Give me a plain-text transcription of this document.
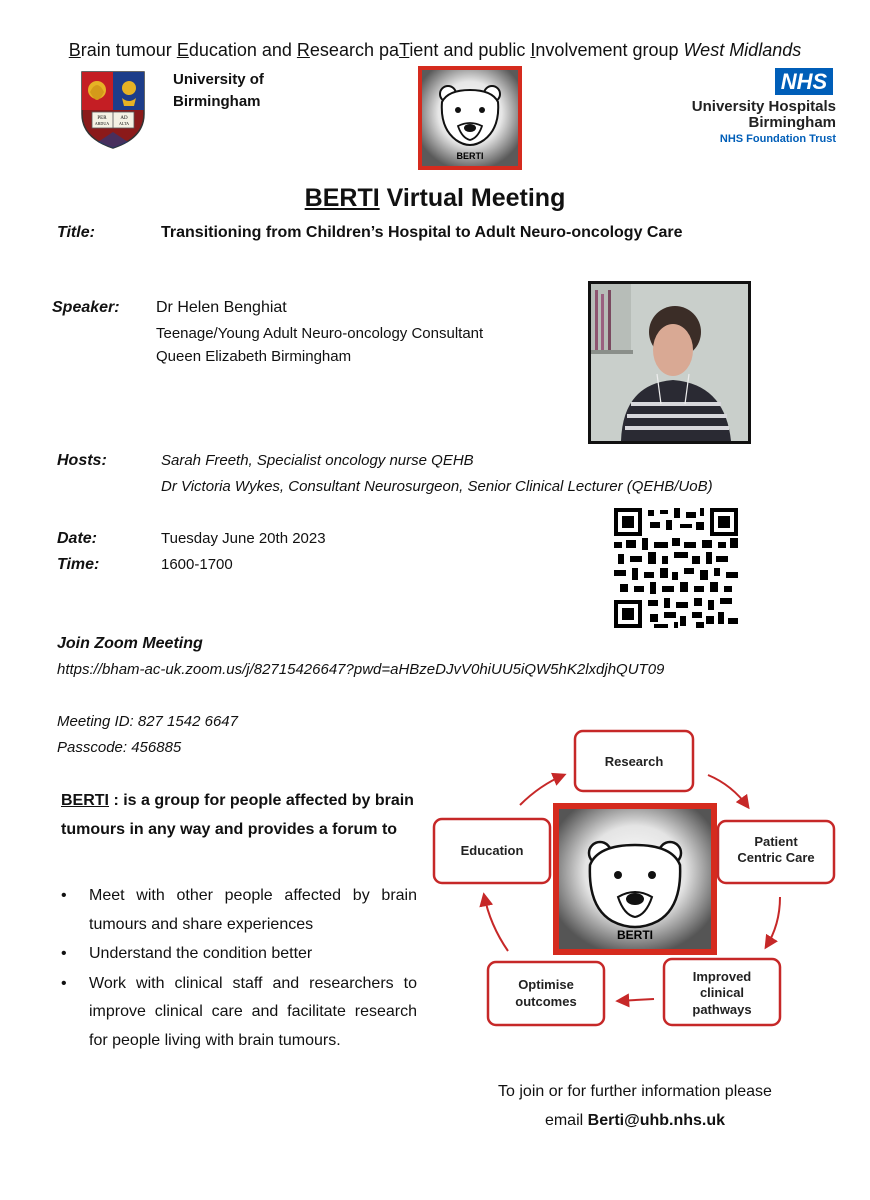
Brain tumour Education and Research paTient and public Involvement group West Midlands
PER	AD
ARDUA ALTA
University of
Birmingham
BERTI
NHS
University Hospitals
Birmingham
NHS Foundation Trust
BERTI Virtual Meeting
Title:	Transitioning from Children’s Hospital to Adult Neuro-oncology Care
Speaker: Dr Helen Benghiat
Teenage/Young Adult Neuro-oncology Consultant
Queen Elizabeth Birmingham
Hosts:	Sarah Freeth, Specialist oncology nurse QEHB
Dr Victoria Wykes, Consultant Neurosurgeon, Senior Clinical Lecturer (QEHB/UoB)
Date:	Tuesday June 20th 2023
Time:	1600-1700
Join Zoom Meeting
https://bham-ac-uk.zoom.us/j/82715426647?pwd=aHBzeDJvV0hiUU5iQW5hK2lxdjhQUT09
Meeting ID: 827 1542 6647
Passcode: 456885
BERTI : is a group for people affected by brain tumours in any way and provides a forum to
• Meet with other people affected by brain tumours and share experiences
• Understand the condition better
• Work with clinical staff and researchers to improve clinical care and facilitate research for people living with brain tumours.
BERTI
Research
Education
Patient
Centric Care
Optimise
outcomes
Improved
clinical
pathways
To join or for further information please
email Berti@uhb.nhs.uk
